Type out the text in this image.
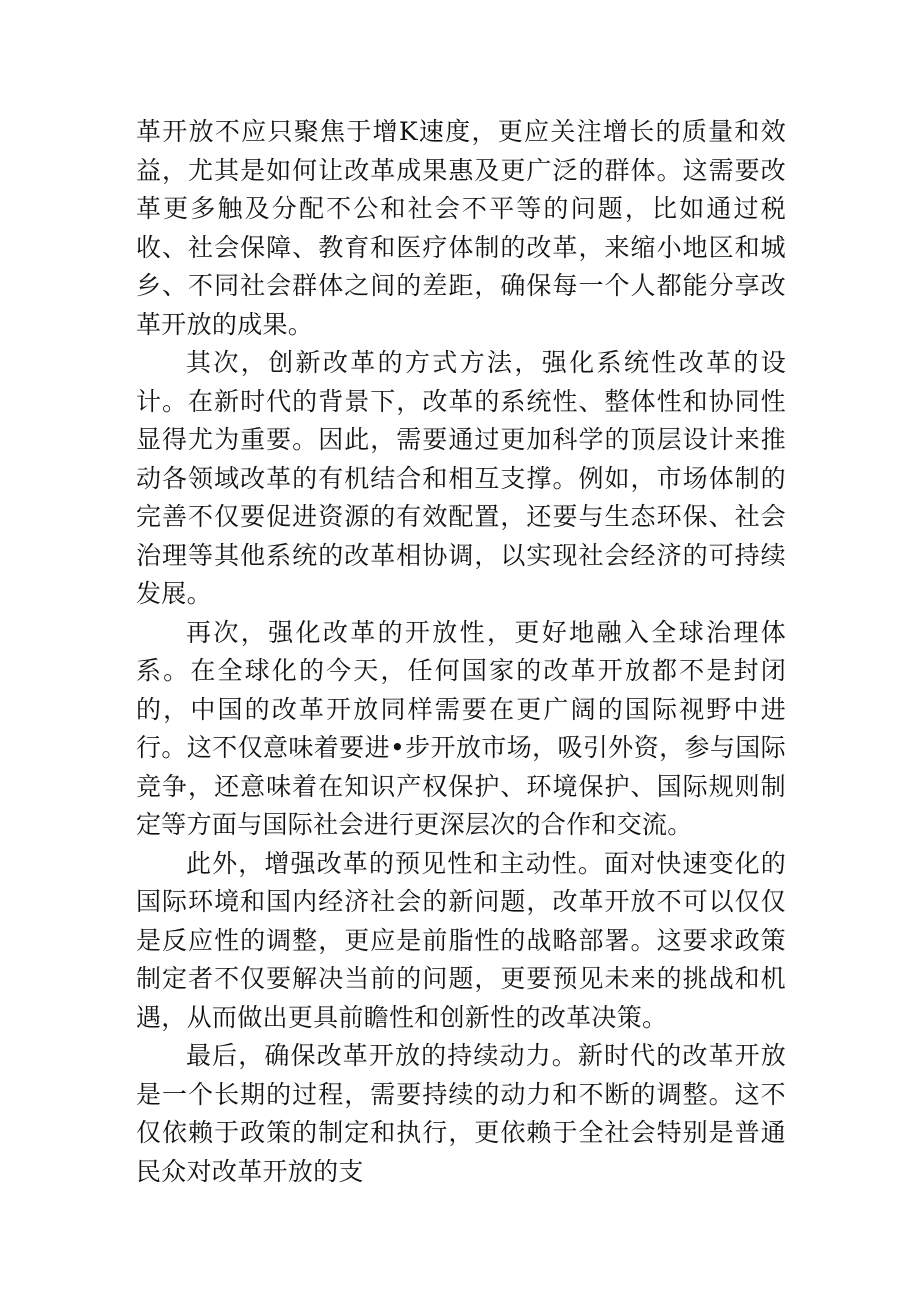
革开放不应只聚焦于增K速度，更应关注增长的质量和效益，尤其是如何让改革成果惠及更广泛的群体。这需要改革更多触及分配不公和社会不平等的问题，比如通过税收、社会保障、教育和医疗体制的改革，来缩小地区和城乡、不同社会群体之间的差距，确保每一个人都能分享改革开放的成果。

其次，创新改革的方式方法，强化系统性改革的设计。在新时代的背景下，改革的系统性、整体性和协同性显得尤为重要。因此，需要通过更加科学的顶层设计来推动各领域改革的有机结合和相互支撑。例如，市场体制的完善不仅要促进资源的有效配置，还要与生态环保、社会治理等其他系统的改革相协调，以实现社会经济的可持续发展。

再次，强化改革的开放性，更好地融入全球治理体系。在全球化的今天，任何国家的改革开放都不是封闭的，中国的改革开放同样需要在更广阔的国际视野中进行。这不仅意味着要进•步开放市场，吸引外资，参与国际竞争，还意味着在知识产权保护、环境保护、国际规则制定等方面与国际社会进行更深层次的合作和交流。

此外，增强改革的预见性和主动性。面对快速变化的国际环境和国内经济社会的新问题，改革开放不可以仅仅是反应性的调整，更应是前脂性的战略部署。这要求政策制定者不仅要解决当前的问题，更要预见未来的挑战和机遇，从而做出更具前瞻性和创新性的改革决策。

最后，确保改革开放的持续动力。新时代的改革开放是一个长期的过程，需要持续的动力和不断的调整。这不仅依赖于政策的制定和执行，更依赖于全社会特别是普通民众对改革开放的支
